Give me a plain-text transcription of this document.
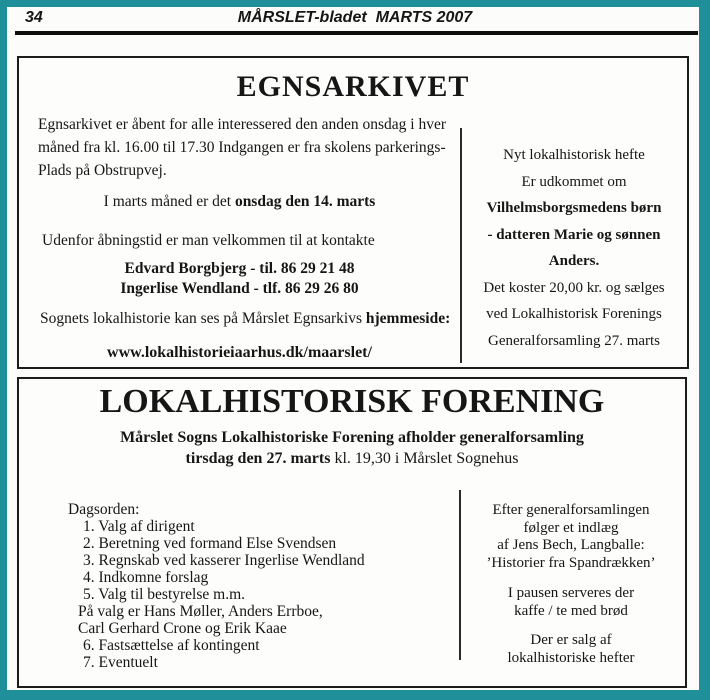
34	MÅRSLET-bladet  MARTS 2007
EGNSARKIVET
Egnsarkivet er åbent for alle interessered den anden onsdag i hver
måned fra kl. 16.00 til 17.30 Indgangen er fra skolens parkerings-
Plads på Obstrupvej.
I marts måned er det onsdag den 14. marts
Udenfor åbningstid er man velkommen til at kontakte
Edvard Borgbjerg - til. 86 29 21 48
Ingerlise Wendland - tlf. 86 29 26 80
Sognets lokalhistorie kan ses på Mårslet Egnsarkivs hjemmeside:
www.lokalhistorieiaarhus.dk/maarslet/
Nyt lokalhistorisk hefte
Er udkommet om
Vilhelmsborgsmedens børn
- datteren Marie og sønnen Anders.
Det koster 20,00 kr. og sælges
ved Lokalhistorisk Forenings
Generalforsamling 27. marts
LOKALHISTORISK FORENING
Mårslet Sogns Lokalhistoriske Forening afholder generalforsamling
tirsdag den 27. marts kl. 19,30 i Mårslet Sognehus
Dagsorden:
1. Valg af dirigent
2. Beretning ved formand Else Svendsen
3. Regnskab ved kasserer Ingerlise Wendland
4. Indkomne forslag
5. Valg til bestyrelse m.m.
På valg er Hans Møller, Anders Errboe,
Carl Gerhard Crone og Erik Kaae
6. Fastsættelse af kontingent
7. Eventuelt
Efter generalforsamlingen
følger et indlæg
af Jens Bech, Langballe:
’Historier fra Spandrækken’
I pausen serveres der
kaffe / te med brød
Der er salg af
lokalhistoriske hefter
